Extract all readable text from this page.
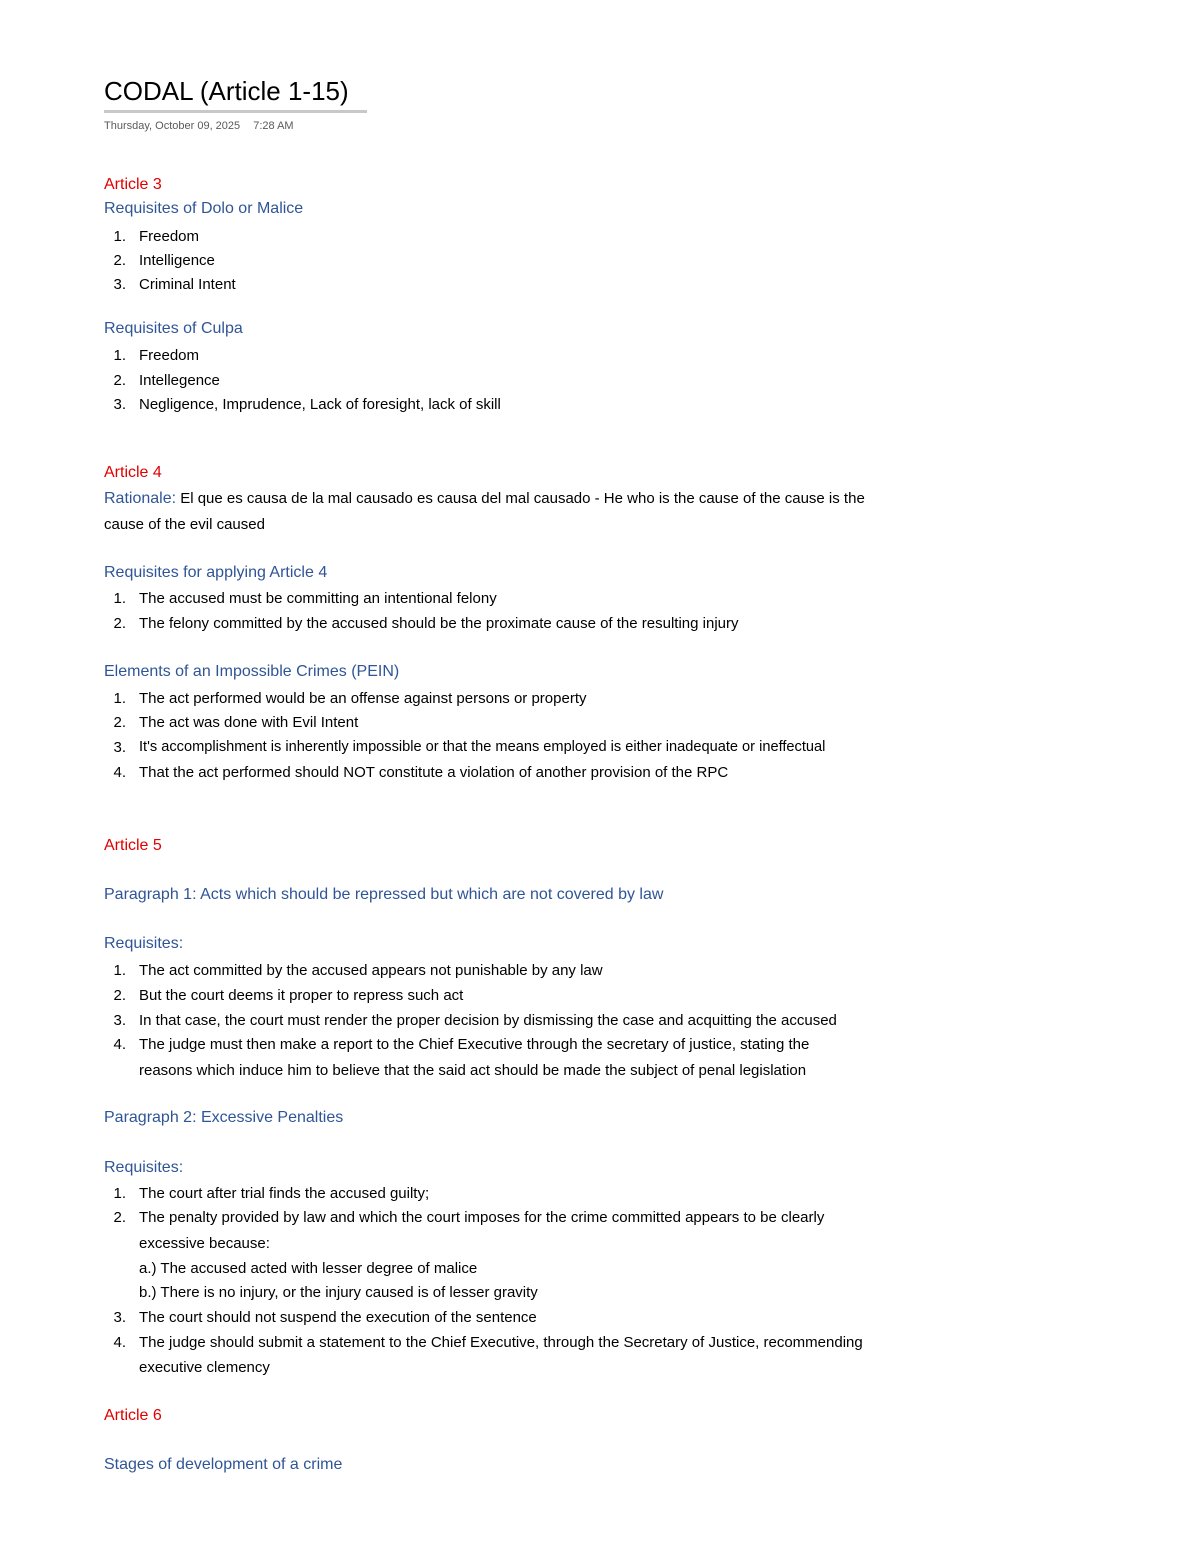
CODAL (Article 1-15)
Thursday, October 09, 2025 7:28 AM
Article 3
Requisites of Dolo or Malice
1. Freedom
2. Intelligence
3. Criminal Intent
Requisites of Culpa
1. Freedom
2. Intellegence
3. Negligence, Imprudence, Lack of foresight, lack of skill
Article 4
Rationale: El que es causa de la mal causado es causa del mal causado - He who is the cause of the cause is the
cause of the evil caused
Requisites for applying Article 4
1. The accused must be committing an intentional felony
2. The felony committed by the accused should be the proximate cause of the resulting injury
Elements of an Impossible Crimes (PEIN)
1. The act performed would be an offense against persons or property
2. The act was done with Evil Intent
3. It's accomplishment is inherently impossible or that the means employed is either inadequate or ineffectual
4. That the act performed should NOT constitute a violation of another provision of the RPC
Article 5
Paragraph 1: Acts which should be repressed but which are not covered by law
Requisites:
1. The act committed by the accused appears not punishable by any law
2. But the court deems it proper to repress such act
3. In that case, the court must render the proper decision by dismissing the case and acquitting the accused
4. The judge must then make a report to the Chief Executive through the secretary of justice, stating the
reasons which induce him to believe that the said act should be made the subject of penal legislation
Paragraph 2: Excessive Penalties
Requisites:
1. The court after trial finds the accused guilty;
2. The penalty provided by law and which the court imposes for the crime committed appears to be clearly
excessive because:
a.) The accused acted with lesser degree of malice
b.) There is no injury, or the injury caused is of lesser gravity
3. The court should not suspend the execution of the sentence
4. The judge should submit a statement to the Chief Executive, through the Secretary of Justice, recommending
executive clemency
Article 6
Stages of development of a crime
